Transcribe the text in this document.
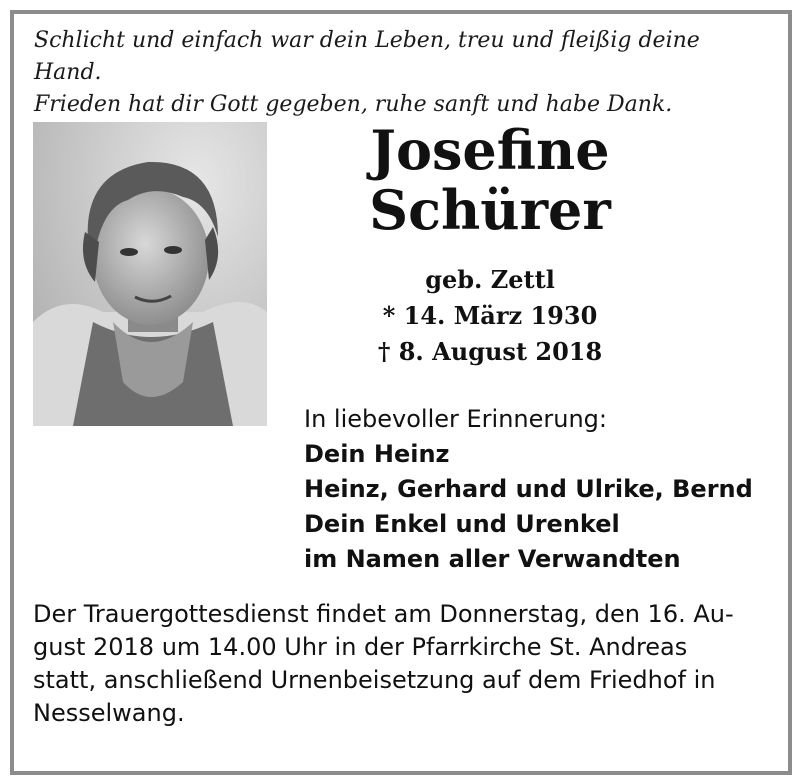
Schlicht und einfach war dein Leben, treu und fleißig deine Hand.
Frieden hat dir Gott gegeben, ruhe sanft und habe Dank.
Josefine
Schürer
geb. Zettl
* 14. März 1930
† 8. August 2018
In liebevoller Erinnerung:
Dein Heinz
Heinz, Gerhard und Ulrike, Bernd
Dein Enkel und Urenkel
im Namen aller Verwandten
Der Trauergottesdienst findet am Donnerstag, den 16. Au-
gust 2018 um 14.00 Uhr in der Pfarrkirche St. Andreas
statt, anschließend Urnenbeisetzung auf dem Friedhof in
Nesselwang.
